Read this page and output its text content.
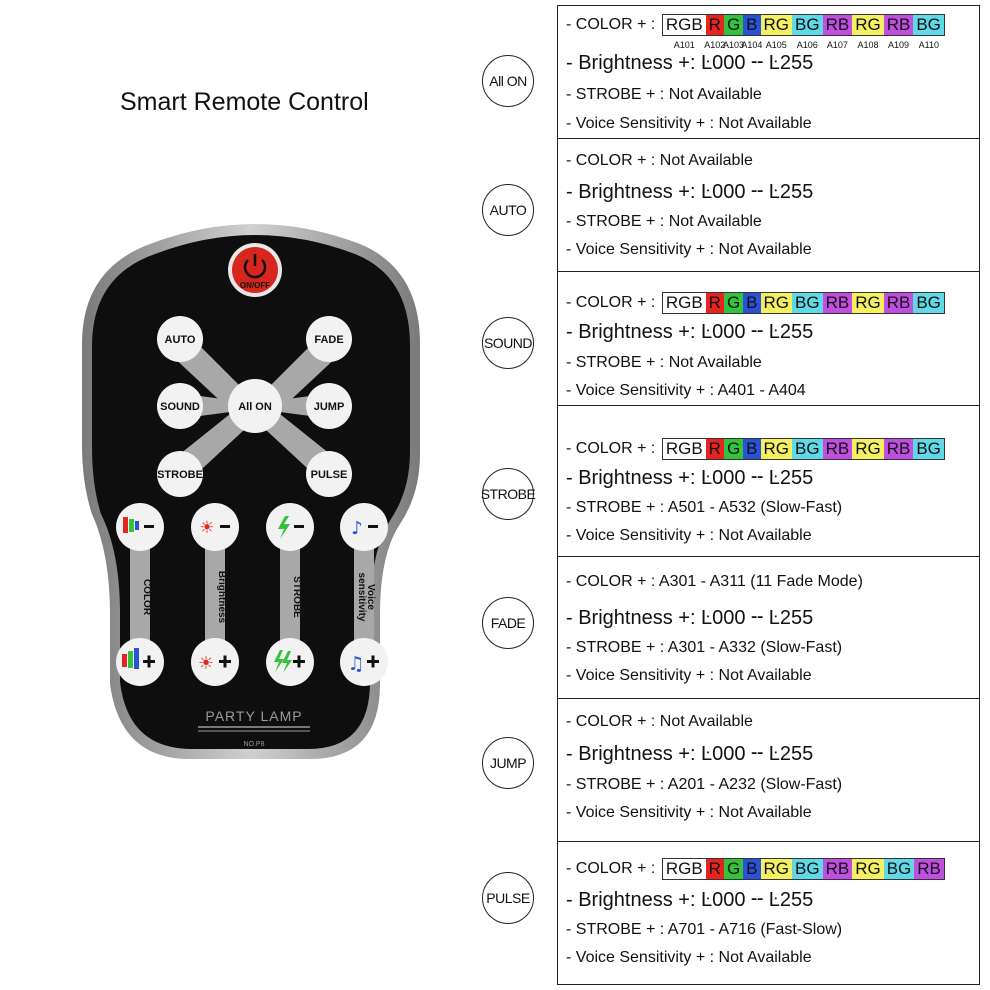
Smart Remote Control
ON/OFF
AUTO	FADE
SOUND	All ON	JUMP
STROBE	PULSE
COLOR	Brightness	STROBE	Voice
sensitivity
☀	♪
☀	♫
PARTY LAMP
NO.P8
All ON
AUTO
SOUND
STROBE
FADE
JUMP
PULSE
- COLOR + : RGB R G B RG BG RB RG RB BG
A101 A102
A103
A104 A105 A106 A107 A108 A109 A110
- Brightness +: Ŀ000 ╌ Ŀ255
- STROBE + : Not Available
- Voice Sensitivity + : Not Available
- COLOR + : Not Available
- Brightness +: Ŀ000 ╌ Ŀ255
- STROBE + : Not Available
- Voice Sensitivity + : Not Available
- COLOR + : RGB R G B RG BG RB RG RB BG
- Brightness +: Ŀ000 ╌ Ŀ255
- STROBE + : Not Available
- Voice Sensitivity + : A401 - A404
- COLOR + : RGB R G B RG BG RB RG RB BG
- Brightness +: Ŀ000 ╌ Ŀ255
- STROBE + : A501 - A532 (Slow-Fast)
- Voice Sensitivity + : Not Available
- COLOR + : A301 - A311 (11 Fade Mode)
- Brightness +: Ŀ000 ╌ Ŀ255
- STROBE + : A301 - A332 (Slow-Fast)
- Voice Sensitivity + : Not Available
- COLOR + : Not Available
- Brightness +: Ŀ000 ╌ Ŀ255
- STROBE + : A201 - A232 (Slow-Fast)
- Voice Sensitivity + : Not Available
- COLOR + : RGB R G B RG BG RB RG BG RB
- Brightness +: Ŀ000 ╌ Ŀ255
- STROBE + : A701 - A716 (Fast-Slow)
- Voice Sensitivity + : Not Available
